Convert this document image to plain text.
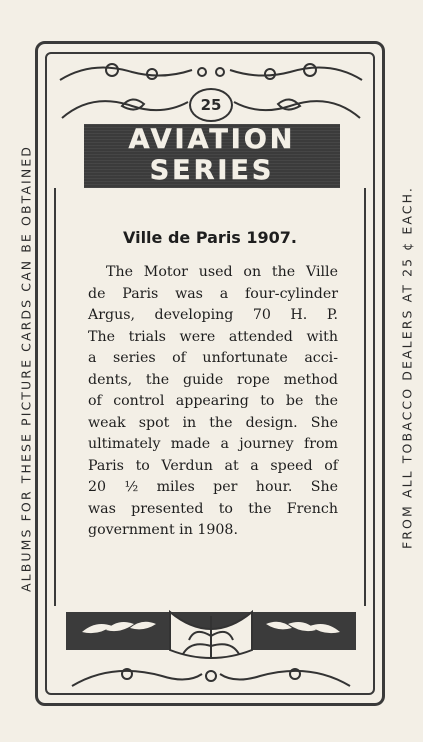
ALBUMS FOR THESE PICTURE CARDS CAN BE OBTAINED	FROM ALL TOBACCO DEALERS AT 25 ¢ EACH.
25
AVIATION
SERIES
Ville de Paris 1907.
The Motor used on the Ville
de Paris was a four-cylinder
Argus, developing 70 H. P.
The trials were attended with
a series of unfortunate acci-
dents, the guide rope method
of control appearing to be the
weak spot in the design. She
ultimately made a journey from
Paris to Verdun at a speed of
20 ½ miles per hour. She
was presented to the French
government in 1908.
